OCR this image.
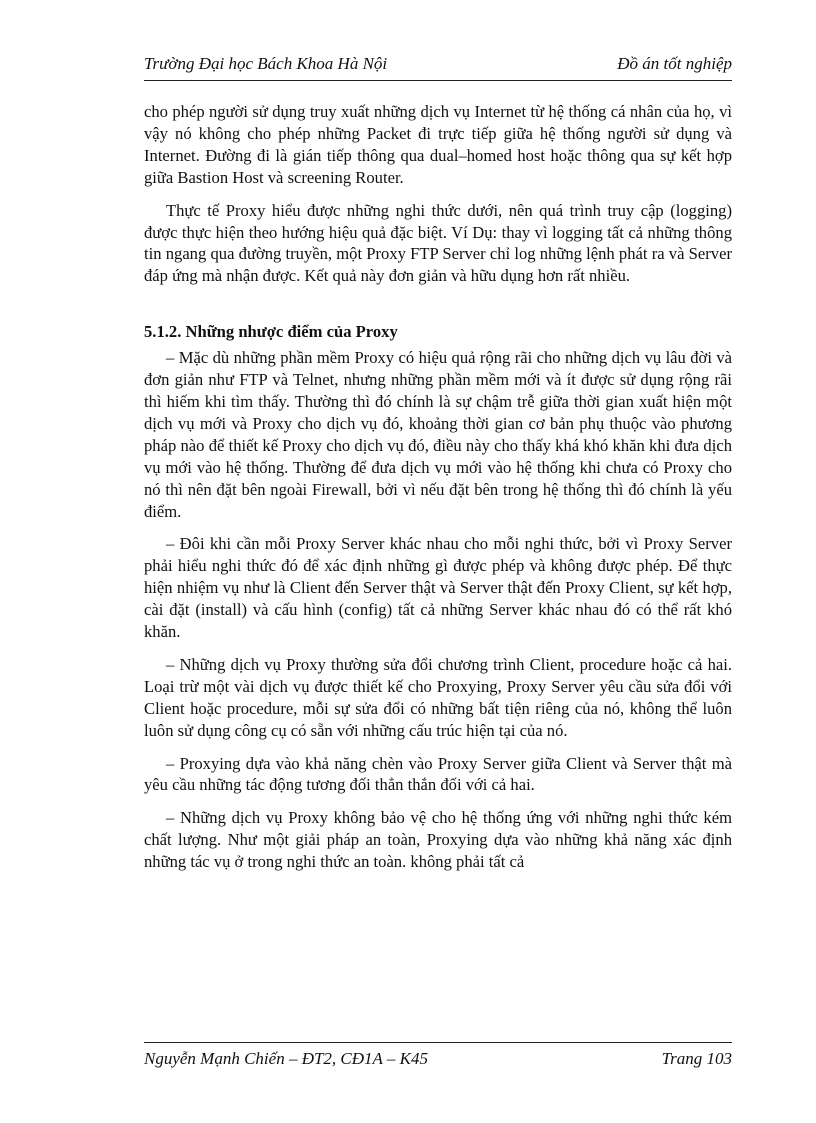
Trường Đại học Bách Khoa Hà Nội	Đồ án tốt nghiệp

cho phép người sử dụng truy xuất những dịch vụ Internet từ hệ thống cá nhân của họ, vì vậy nó không cho phép những Packet đi trực tiếp giữa hệ thống người sử dụng và Internet. Đường đi là gián tiếp thông qua dual–homed host hoặc thông qua sự kết hợp giữa Bastion Host và screening Router.

Thực tế Proxy hiểu được những nghi thức dưới, nên quá trình truy cập (logging) được thực hiện theo hướng hiệu quả đặc biệt. Ví Dụ: thay vì logging tất cả những thông tin ngang qua đường truyền, một Proxy FTP Server chỉ log những lệnh phát ra và Server đáp ứng mà nhận được. Kết quả này đơn giản và hữu dụng hơn rất nhiều.

5.1.2. Những nhược điểm của Proxy

– Mặc dù những phần mềm Proxy có hiệu quả rộng rãi cho những dịch vụ lâu đời và đơn giản như FTP và Telnet, nhưng những phần mềm mới và ít được sử dụng rộng rãi thì hiếm khi tìm thấy. Thường thì đó chính là sự chậm trễ giữa thời gian xuất hiện một dịch vụ mới và Proxy cho dịch vụ đó, khoảng thời gian cơ bản phụ thuộc vào phương pháp nào để thiết kế Proxy cho dịch vụ đó, điều này cho thấy khá khó khăn khi đưa dịch vụ mới vào hệ thống. Thường để đưa dịch vụ mới vào hệ thống khi chưa có Proxy cho nó thì nên đặt bên ngoài Firewall, bởi vì nếu đặt bên trong hệ thống thì đó chính là yếu điểm.

– Đôi khi cần mỗi Proxy Server khác nhau cho mỗi nghi thức, bởi vì Proxy Server phải hiểu nghi thức đó để xác định những gì được phép và không được phép. Để thực hiện nhiệm vụ như là Client đến Server thật và Server thật đến Proxy Client, sự kết hợp, cài đặt (install) và cấu hình (config) tất cả những Server khác nhau đó có thể rất khó khăn.

– Những dịch vụ Proxy thường sửa đổi chương trình Client, procedure hoặc cả hai. Loại trừ một vài dịch vụ được thiết kế cho Proxying, Proxy Server yêu cầu sửa đổi với Client hoặc procedure, mỗi sự sửa đổi có những bất tiện riêng của nó, không thể luôn luôn sử dụng công cụ có sẵn với những cấu trúc hiện tại của nó.

– Proxying dựa vào khả năng chèn vào Proxy Server giữa Client và Server thật mà yêu cầu những tác động tương đối thẳn thắn đối với cả hai.

– Những dịch vụ Proxy không bảo vệ cho hệ thống ứng với những nghi thức kém chất lượng. Như một giải pháp an toàn, Proxying dựa vào những khả năng xác định những tác vụ ở trong nghi thức an toàn. không phải tất cả

Nguyễn Mạnh Chiến – ĐT2, CĐ1A – K45	Trang 103
